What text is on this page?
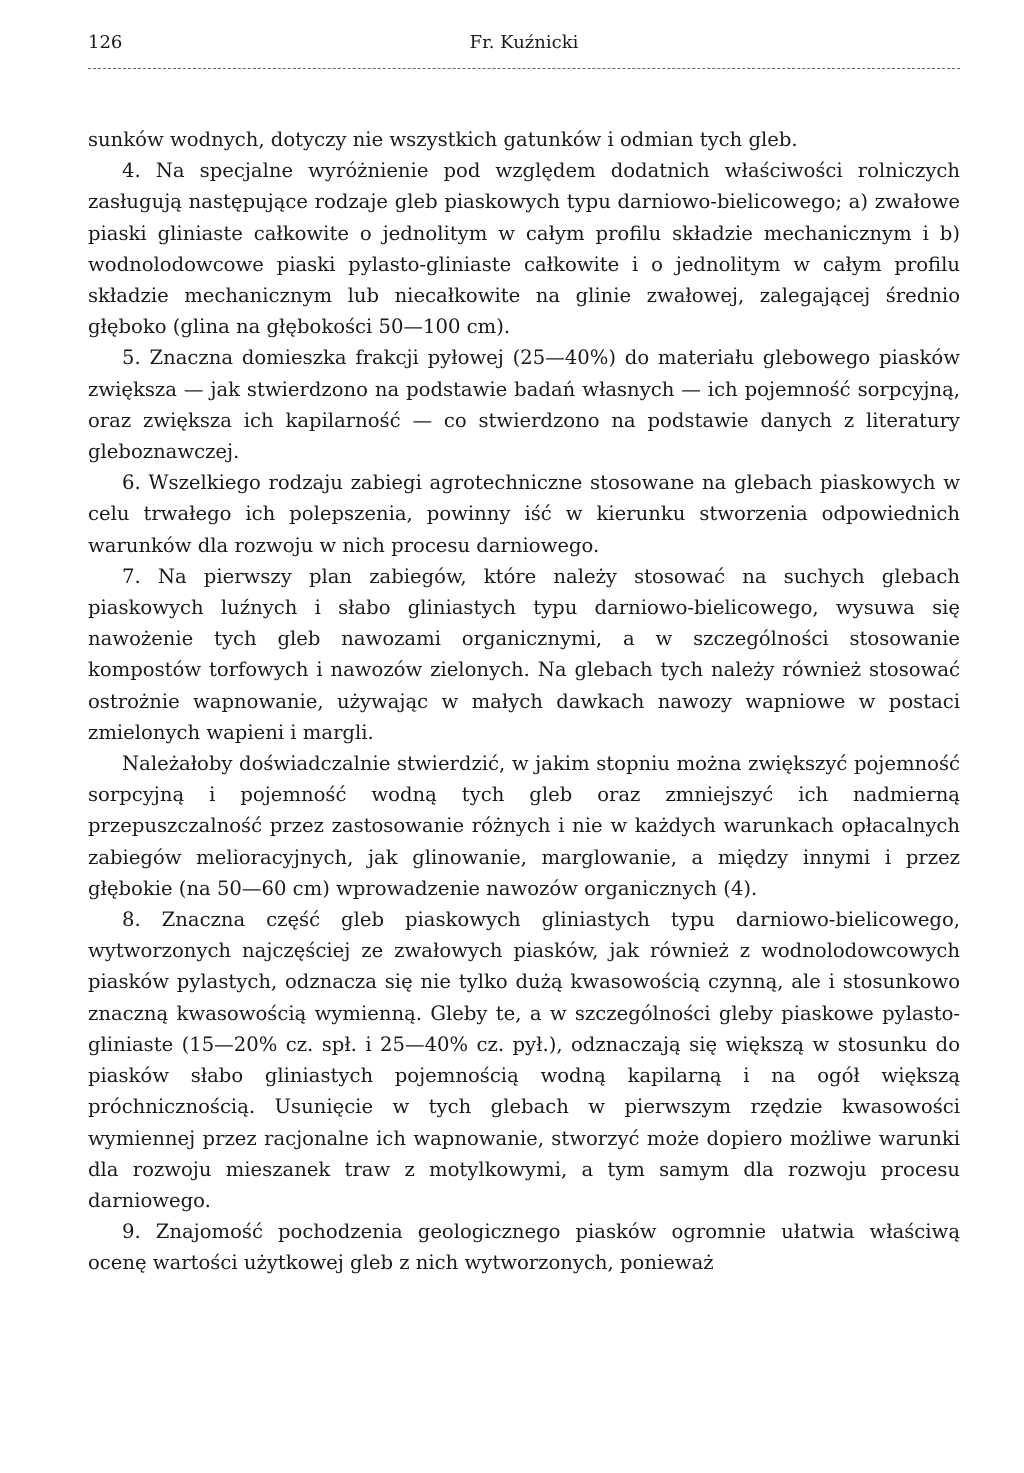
126	Fr. Kuźnicki

sunków wodnych, dotyczy nie wszystkich gatunków i odmian tych gleb.

4. Na specjalne wyróżnienie pod względem dodatnich właściwości rolniczych zasługują następujące rodzaje gleb piaskowych typu darniowo-bielicowego; a) zwałowe piaski gliniaste całkowite o jednolitym w całym profilu składzie mechanicznym i b) wodnolodowcowe piaski pylasto-gliniaste całkowite i o jednolitym w całym profilu składzie mechanicznym lub niecałkowite na glinie zwałowej, zalegającej średnio głęboko (glina na głębokości 50—100 cm).

5. Znaczna domieszka frakcji pyłowej (25—40%) do materiału glebowego piasków zwiększa — jak stwierdzono na podstawie badań własnych — ich pojemność sorpcyjną, oraz zwiększa ich kapilarność — co stwierdzono na podstawie danych z literatury gleboznawczej.

6. Wszelkiego rodzaju zabiegi agrotechniczne stosowane na glebach piaskowych w celu trwałego ich polepszenia, powinny iść w kierunku stworzenia odpowiednich warunków dla rozwoju w nich procesu darniowego.

7. Na pierwszy plan zabiegów, które należy stosować na suchych glebach piaskowych luźnych i słabo gliniastych typu darniowo-bielicowego, wysuwa się nawożenie tych gleb nawozami organicznymi, a w szczególności stosowanie kompostów torfowych i nawozów zielonych. Na glebach tych należy również stosować ostrożnie wapnowanie, używając w małych dawkach nawozy wapniowe w postaci zmielonych wapieni i margli.

Należałoby doświadczalnie stwierdzić, w jakim stopniu można zwiększyć pojemność sorpcyjną i pojemność wodną tych gleb oraz zmniejszyć ich nadmierną przepuszczalność przez zastosowanie różnych i nie w każdych warunkach opłacalnych zabiegów melioracyjnych, jak glinowanie, marglowanie, a między innymi i przez głębokie (na 50—60 cm) wprowadzenie nawozów organicznych (4).

8. Znaczna część gleb piaskowych gliniastych typu darniowo-bielicowego, wytworzonych najczęściej ze zwałowych piasków, jak również z wodnolodowcowych piasków pylastych, odznacza się nie tylko dużą kwasowością czynną, ale i stosunkowo znaczną kwasowością wymienną. Gleby te, a w szczególności gleby piaskowe pylasto-gliniaste (15—20% cz. spł. i 25—40% cz. pył.), odznaczają się większą w stosunku do piasków słabo gliniastych pojemnością wodną kapilarną i na ogół większą próchnicznością. Usunięcie w tych glebach w pierwszym rzędzie kwasowości wymiennej przez racjonalne ich wapnowanie, stworzyć może dopiero możliwe warunki dla rozwoju mieszanek traw z motylkowymi, a tym samym dla rozwoju procesu darniowego.

9. Znajomość pochodzenia geologicznego piasków ogromnie ułatwia właściwą ocenę wartości użytkowej gleb z nich wytworzonych, ponieważ
